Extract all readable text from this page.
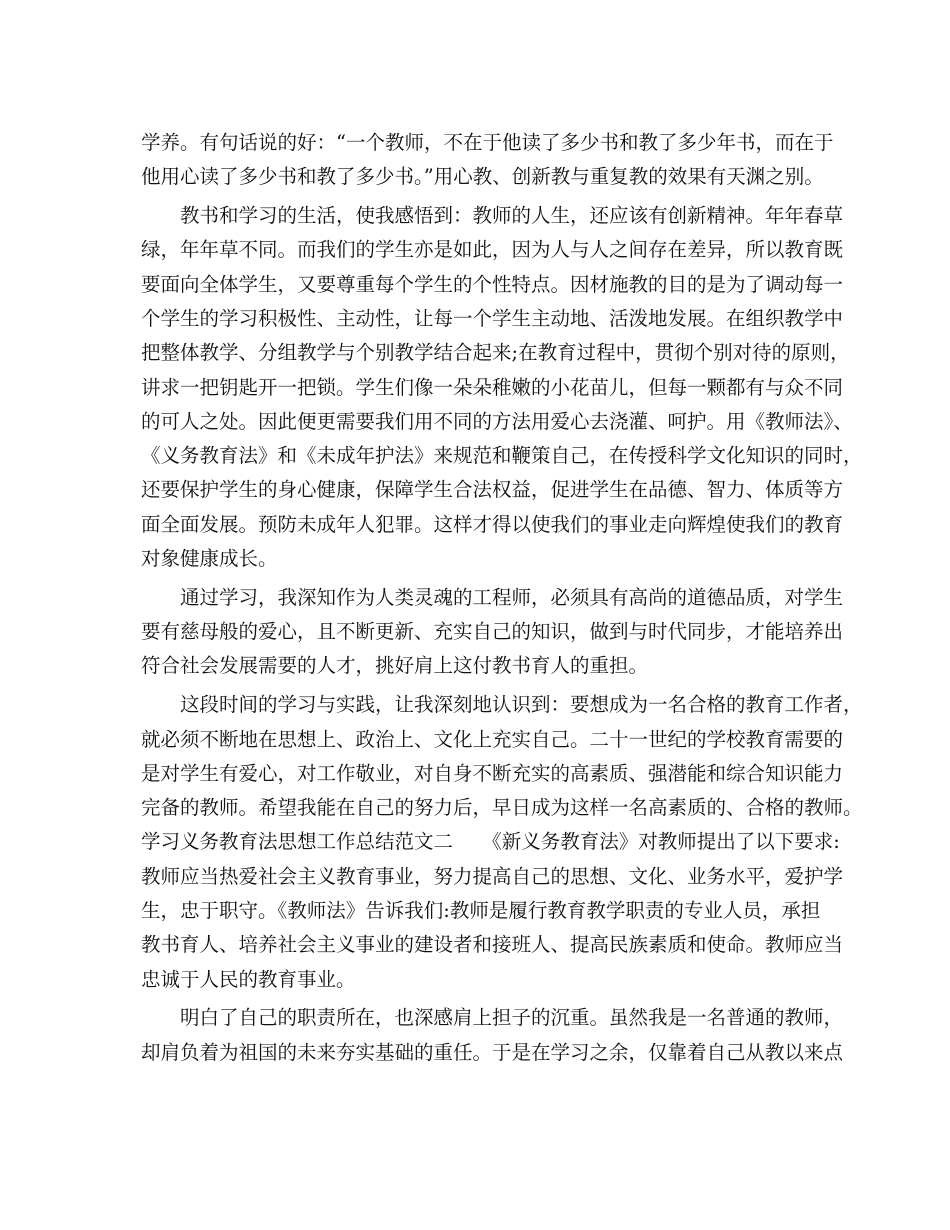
学养。有句话说的好：“一个教师，不在于他读了多少书和教了多少年书，而在于
他用心读了多少书和教了多少书。”用心教、创新教与重复教的效果有天渊之别。
　　教书和学习的生活，使我感悟到：教师的人生，还应该有创新精神。年年春草
绿，年年草不同。而我们的学生亦是如此，因为人与人之间存在差异，所以教育既
要面向全体学生，又要尊重每个学生的个性特点。因材施教的目的是为了调动每一
个学生的学习积极性、主动性，让每一个学生主动地、活泼地发展。在组织教学中
把整体教学、分组教学与个别教学结合起来;在教育过程中，贯彻个别对待的原则，
讲求一把钥匙开一把锁。学生们像一朵朵稚嫩的小花苗儿，但每一颗都有与众不同
的可人之处。因此便更需要我们用不同的方法用爱心去浇灌、呵护。用《教师法》、
《义务教育法》和《未成年护法》来规范和鞭策自己，在传授科学文化知识的同时，
还要保护学生的身心健康，保障学生合法权益，促进学生在品德、智力、体质等方
面全面发展。预防未成年人犯罪。这样才得以使我们的事业走向辉煌使我们的教育
对象健康成长。
　　通过学习，我深知作为人类灵魂的工程师，必须具有高尚的道德品质，对学生
要有慈母般的爱心，且不断更新、充实自己的知识，做到与时代同步，才能培养出
符合社会发展需要的人才，挑好肩上这付教书育人的重担。
　　这段时间的学习与实践，让我深刻地认识到：要想成为一名合格的教育工作者，
就必须不断地在思想上、政治上、文化上充实自己。二十一世纪的学校教育需要的
是对学生有爱心，对工作敬业，对自身不断充实的高素质、强潜能和综合知识能力
完备的教师。希望我能在自己的努力后，早日成为这样一名高素质的、合格的教师。
学习义务教育法思想工作总结范文二　　《新义务教育法》对教师提出了以下要求:
教师应当热爱社会主义教育事业，努力提高自己的思想、文化、业务水平，爱护学
生，忠于职守。《教师法》告诉我们:教师是履行教育教学职责的专业人员，承担
教书育人、培养社会主义事业的建设者和接班人、提高民族素质和使命。教师应当
忠诚于人民的教育事业。
　　明白了自己的职责所在，也深感肩上担子的沉重。虽然我是一名普通的教师，
却肩负着为祖国的未来夯实基础的重任。于是在学习之余，仅靠着自己从教以来点
